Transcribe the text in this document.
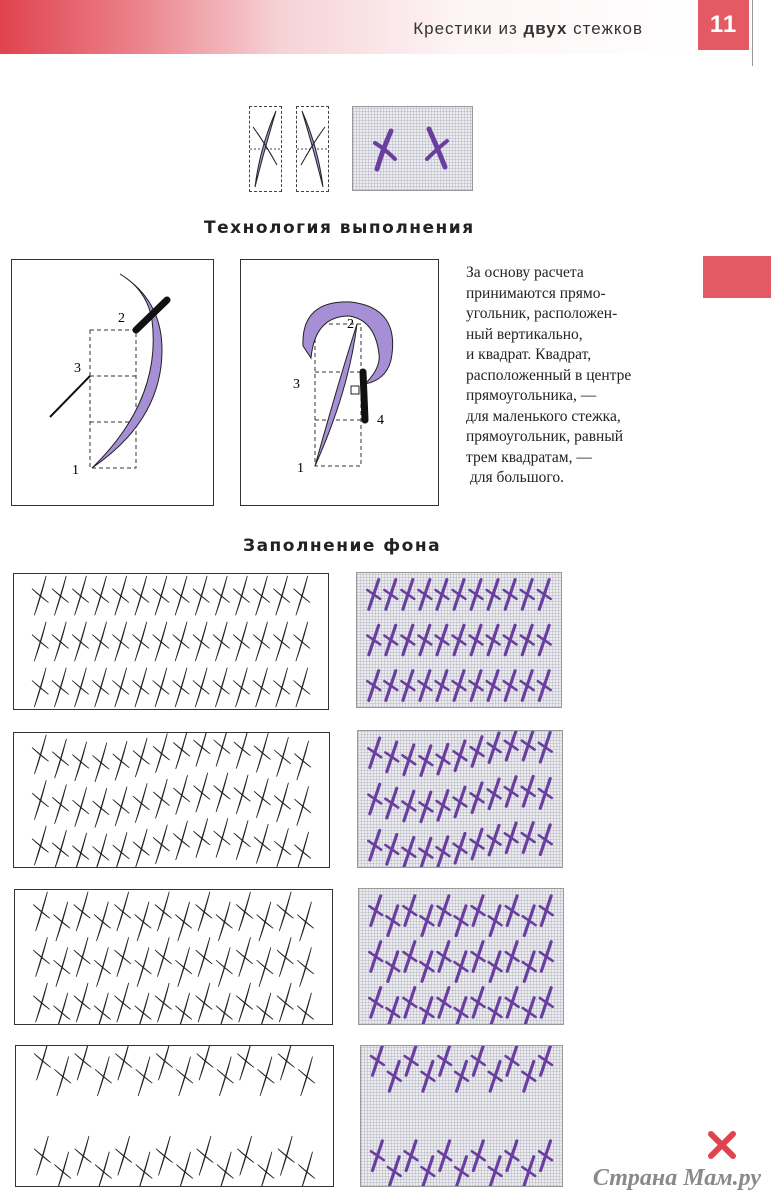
Крестики из двух стежков	11
Технология выполнения
2
3
1
2
3
4
1
За основу расчета
принимаются прямо-
угольник, расположен-
ный вертикально,
и квадрат. Квадрат,
расположенный в центре
прямоугольника, —
для маленького стежка,
прямоугольник, равный
трем квадратам, —
для большого.
Заполнение фона
Страна Мам.ру
